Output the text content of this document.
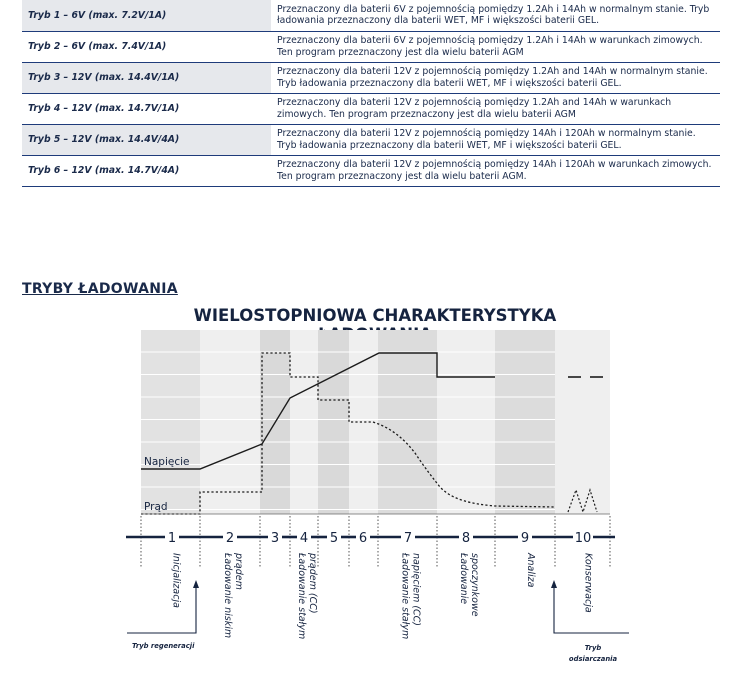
Tryb 1 – 6V (max. 7.2V/1A)	Przeznaczony dla baterii 6V z pojemnością pomiędzy 1.2Ah i 14Ah w normalnym stanie. Tryb ładowania przeznaczony dla baterii WET, MF i większości baterii GEL.
Tryb 2 – 6V (max. 7.4V/1A)	Przeznaczony dla baterii 6V z pojemnością pomiędzy 1.2Ah i 14Ah w warunkach zimowych. Ten program przeznaczony jest dla wielu baterii AGM
Tryb 3 – 12V (max. 14.4V/1A)	Przeznaczony dla baterii 12V z pojemnością pomiędzy 1.2Ah and 14Ah w normalnym stanie. Tryb ładowania przeznaczony dla baterii WET, MF i większości baterii GEL.
Tryb 4 – 12V (max. 14.7V/1A)	Przeznaczony dla baterii 12V z pojemnością pomiędzy 1.2Ah and 14Ah w warunkach zimowych. Ten program przeznaczony jest dla wielu baterii AGM
Tryb 5 – 12V (max. 14.4V/4A)	Przeznaczony dla baterii 12V z pojemnością pomiędzy 14Ah i 120Ah w normalnym stanie. Tryb ładowania przeznaczony dla baterii WET, MF i większości baterii GEL.
Tryb 6 – 12V (max. 14.7V/4A)	Przeznaczony dla baterii 12V z pojemnością pomiędzy 14Ah i 120Ah w warunkach zimowych. Ten program przeznaczony jest dla wielu baterii AGM.
TRYBY ŁADOWANIA
WIELOSTOPNIOWA CHARAKTERYSTYKA
Napięcie
Prąd
1	2	3 4 5 6	7	8	9	10
Inicjalizacja	Ładowanie niskim prądem	Ładowanie stałym prądem (CC)	Ładowanie stałym napięciem (CC)	Ładowanie spoczynkowe	Analiza	Konserwacja
Tryb regeneracji	Tryb
odsiarczania
